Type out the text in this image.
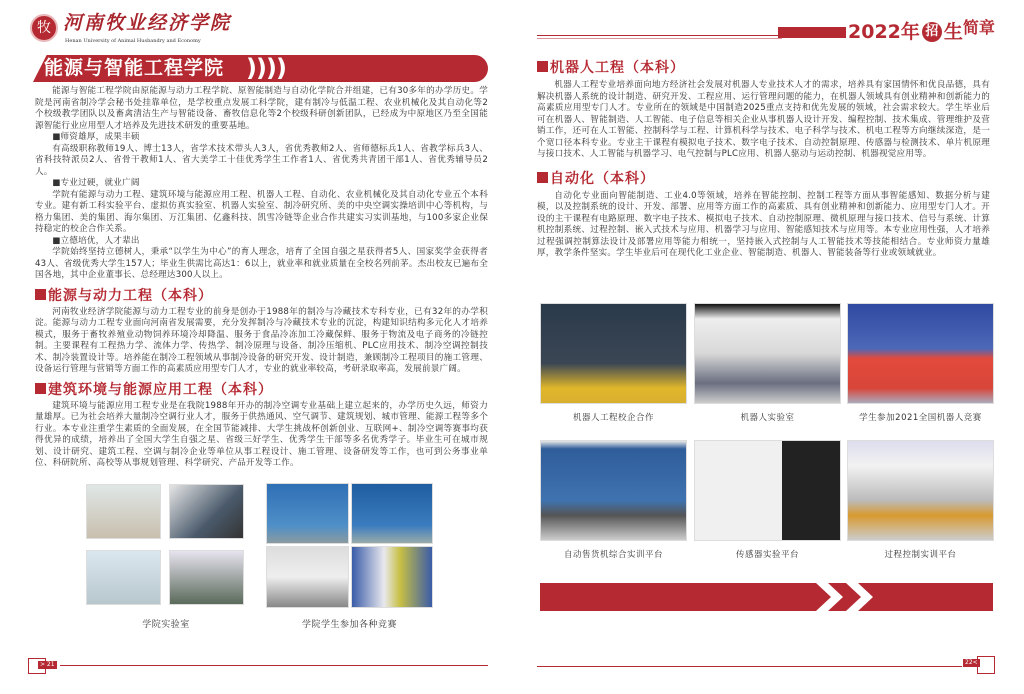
牧 河南牧业经济学院
Henan University of Animal Husbandry and Economy
能源与智能工程学院 ) ) ) )

能源与智能工程学院由原能源与动力工程学院、原智能制造与自动化学院合并组建，已有30多年的办学历史。学院是河南省制冷学会秘书处挂靠单位，是学校重点发展工科学院，建有制冷与低温工程、农业机械化及其自动化等2个校级教学团队以及畜禽清洁生产与智能设备、畜牧信息化等2个校级科研创新团队，已经成为中原地区乃至全国能源智能行业应用型人才培养及先进技术研发的重要基地。

■师资雄厚，成果丰硕

有高级职称教师19人、博士13人，省学术技术带头人3人，省优秀教师2人、省师德标兵1人、省教学标兵3人、省科技特派员2人、省骨干教师1人、省大美学工十佳优秀学生工作者1人、省优秀共青团干部1人、省优秀辅导员2人。

■专业过硬，就业广阔

学院有能源与动力工程、建筑环境与能源应用工程、机器人工程、自动化、农业机械化及其自动化专业五个本科专业。建有新工科实验平台、虚拟仿真实验室、机器人实验室、制冷研究所、美的中央空调实操培训中心等机构，与格力集团、美的集团、海尔集团、万江集团、亿鑫科技、凯雪冷链等企业合作共建实习实训基地，与100多家企业保持稳定的校企合作关系。

■立德培优，人才辈出

学院始终坚持立德树人，秉承“以学生为中心”的育人理念，培育了全国自强之星获得者5人、国家奖学金获得者43人、省级优秀大学生157人；毕业生供需比高达1：6以上，就业率和就业质量在全校名列前茅。杰出校友已遍布全国各地，其中企业董事长、总经理达300人以上。

能源与动力工程（本科）

河南牧业经济学院能源与动力工程专业的前身是创办于1988年的制冷与冷藏技术专科专业，已有32年的办学积淀。能源与动力工程专业面向河南省发展需要，充分发挥制冷与冷藏技术专业的沉淀，构建知识结构多元化人才培养模式，服务于畜牧养殖业动物饲养环境冷却降温、服务于食品冷冻加工冷藏保鲜、服务于物流及电子商务的冷链控制。主要课程有工程热力学、流体力学、传热学、制冷原理与设备、制冷压缩机、PLC应用技术、制冷空调控制技术、制冷装置设计等。培养能在制冷工程领域从事制冷设备的研究开发、设计制造，兼顾制冷工程项目的施工管理、设备运行管理与营销等方面工作的高素质应用型专门人才，专业的就业率较高，考研录取率高，发展前景广阔。

建筑环境与能源应用工程（本科）

建筑环境与能源应用工程专业是在我院1988年开办的制冷空调专业基础上建立起来的，办学历史久远，师资力量雄厚。已为社会培养大量制冷空调行业人才，服务于供热通风、空气调节、建筑规划、城市管理、能源工程等多个行业。本专业注重学生素质的全面发展，在全国节能减排、大学生挑战杯创新创业、互联网+、制冷空调等赛事均获得优异的成绩，培养出了全国大学生自强之星、省级三好学生、优秀学生干部等多名优秀学子。毕业生可在城市规划、设计研究、建筑工程、空调与制冷企业等单位从事工程设计、施工管理、设备研发等工作，也可到公务事业单位、科研院所、高校等从事规划管理、科学研究、产品开发等工作。

学院实验室	学院学生参加各种竞赛
> 21
2022年 招 生 简章
机器人工程（本科）

机器人工程专业培养面向地方经济社会发展对机器人专业技术人才的需求，培养具有家国情怀和优良品德，具有解决机器人系统的设计制造、研究开发、工程应用、运行管理问题的能力，在机器人领域具有创业精神和创新能力的高素质应用型专门人才。专业所在的领域是中国制造2025重点支持和优先发展的领域，社会需求较大。学生毕业后可在机器人、智能制造、人工智能、电子信息等相关企业从事机器人设计开发、编程控制、技术集成、管理维护及营销工作，还可在人工智能、控制科学与工程、计算机科学与技术、电子科学与技术、机电工程等方向继续深造，是一个宽口径本科专业。专业主干课程有模拟电子技术、数字电子技术、自动控制原理、传感器与检测技术、单片机原理与接口技术、人工智能与机器学习、电气控制与PLC应用、机器人驱动与运动控制、机器视觉应用等。

自动化（本科）

自动化专业面向智能制造、工业4.0等领域，培养在智能控制、控制工程等方面从事智能感知、数据分析与建模，以及控制系统的设计、开发、部署、应用等方面工作的高素质、具有创业精神和创新能力、应用型专门人才。开设的主干课程有电路原理、数字电子技术、模拟电子技术、自动控制原理、微机原理与接口技术、信号与系统、计算机控制系统、过程控制、嵌入式技术与应用、机器学习与应用、智能感知技术与应用等。本专业应用性强，人才培养过程强调控制算法设计及部署应用等能力相统一，坚持嵌入式控制与人工智能技术等技能相结合。专业师资力量雄厚，教学条件坚实。学生毕业后可在现代化工业企业、智能制造、机器人、智能装备等行业或领域就业。

机器人工程校企合作	机器人实验室	学生参加2021全国机器人竞赛
自动售货机综合实训平台	传感器实验平台	过程控制实训平台
22<
